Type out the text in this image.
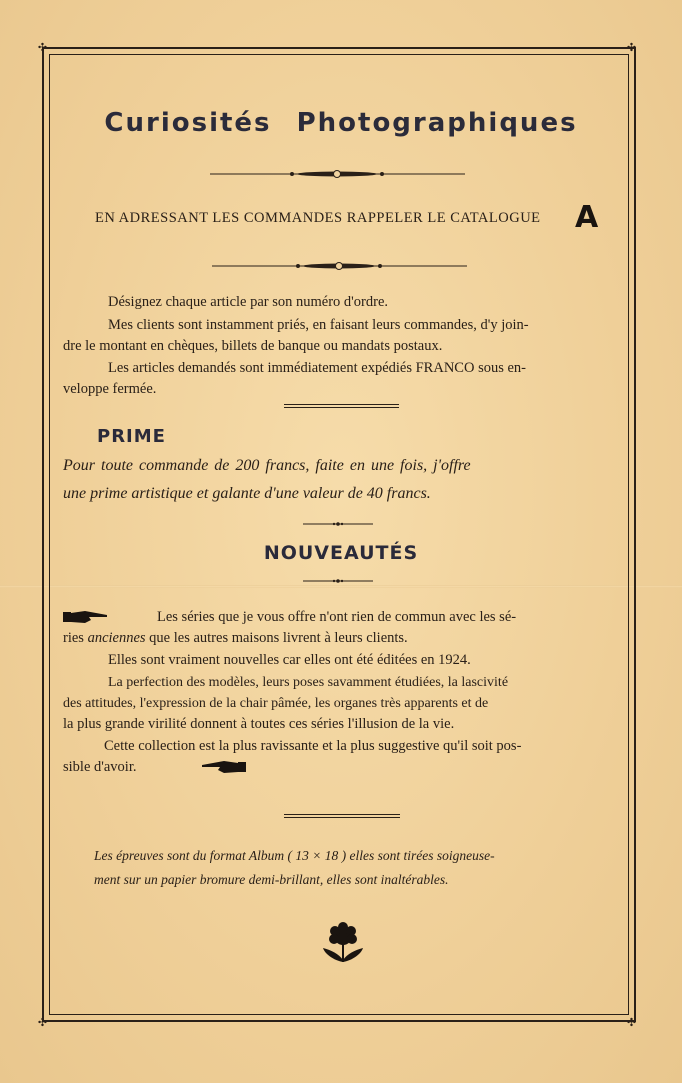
✣	✣
✣	✣
Curiosités Photographiques
EN ADRESSANT LES COMMANDES RAPPELER LE CATALOGUE A
Désignez chaque article par son numéro d'ordre.
Mes clients sont instamment priés, en faisant leurs commandes, d'y join-
dre le montant en chèques, billets de banque ou mandats postaux.
Les articles demandés sont immédiatement expédiés FRANCO sous en-
veloppe fermée.
PRIME
Pour toute commande de 200 francs, faite en une fois, j'offre
une prime artistique et galante d'une valeur de 40 francs.
NOUVEAUTÉS
Les séries que je vous offre n'ont rien de commun avec les sé-
ries anciennes que les autres maisons livrent à leurs clients.
Elles sont vraiment nouvelles car elles ont été éditées en 1924.
La perfection des modèles, leurs poses savamment étudiées, la lascivité
des attitudes, l'expression de la chair pâmée, les organes très apparents et de
la plus grande virilité donnent à toutes ces séries l'illusion de la vie.
Cette collection est la plus ravissante et la plus suggestive qu'il soit pos-
sible d'avoir.
Les épreuves sont du format Album ( 13 × 18 ) elles sont tirées soigneuse-
ment sur un papier bromure demi-brillant, elles sont inaltérables.
